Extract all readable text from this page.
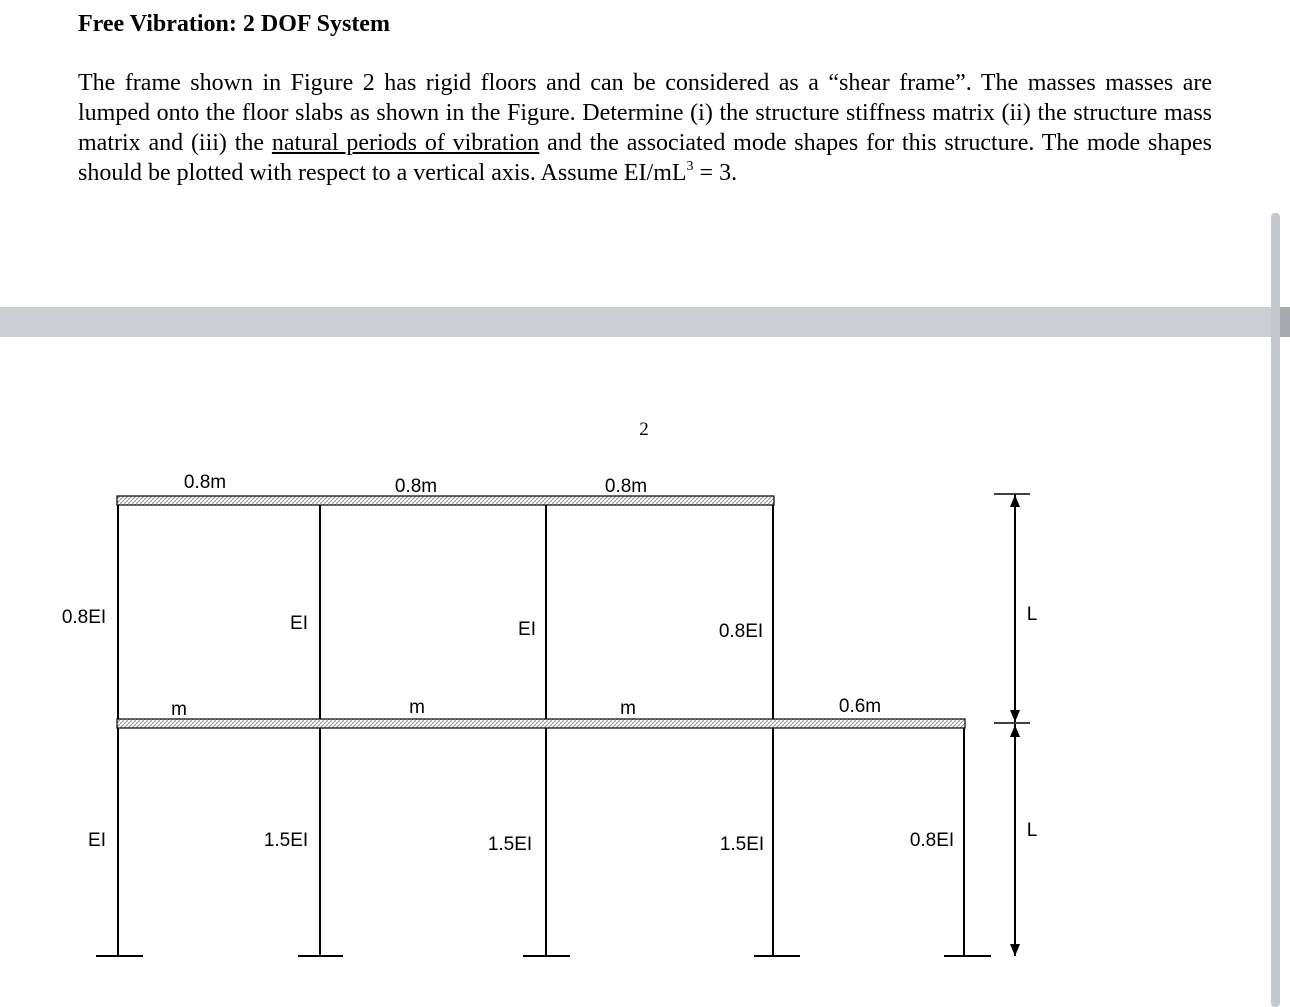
Free Vibration: 2 DOF System

The frame shown in Figure 2 has rigid floors and can be considered as a “shear frame”. The masses masses are lumped onto the floor slabs as shown in the Figure. Determine (i) the structure stiffness matrix (ii) the structure mass matrix and (iii) the natural periods of vibration and the associated mode shapes for this structure. The mode shapes should be plotted with respect to a vertical axis. Assume $EI/mL^3 = 3$.

2
0.8m	0.8m	0.8m
m	m	m	0.6m
0.8EI	EI	EI	0.8EI
EI	1.5EI	1.5EI	1.5EI	0.8EI
L
L
